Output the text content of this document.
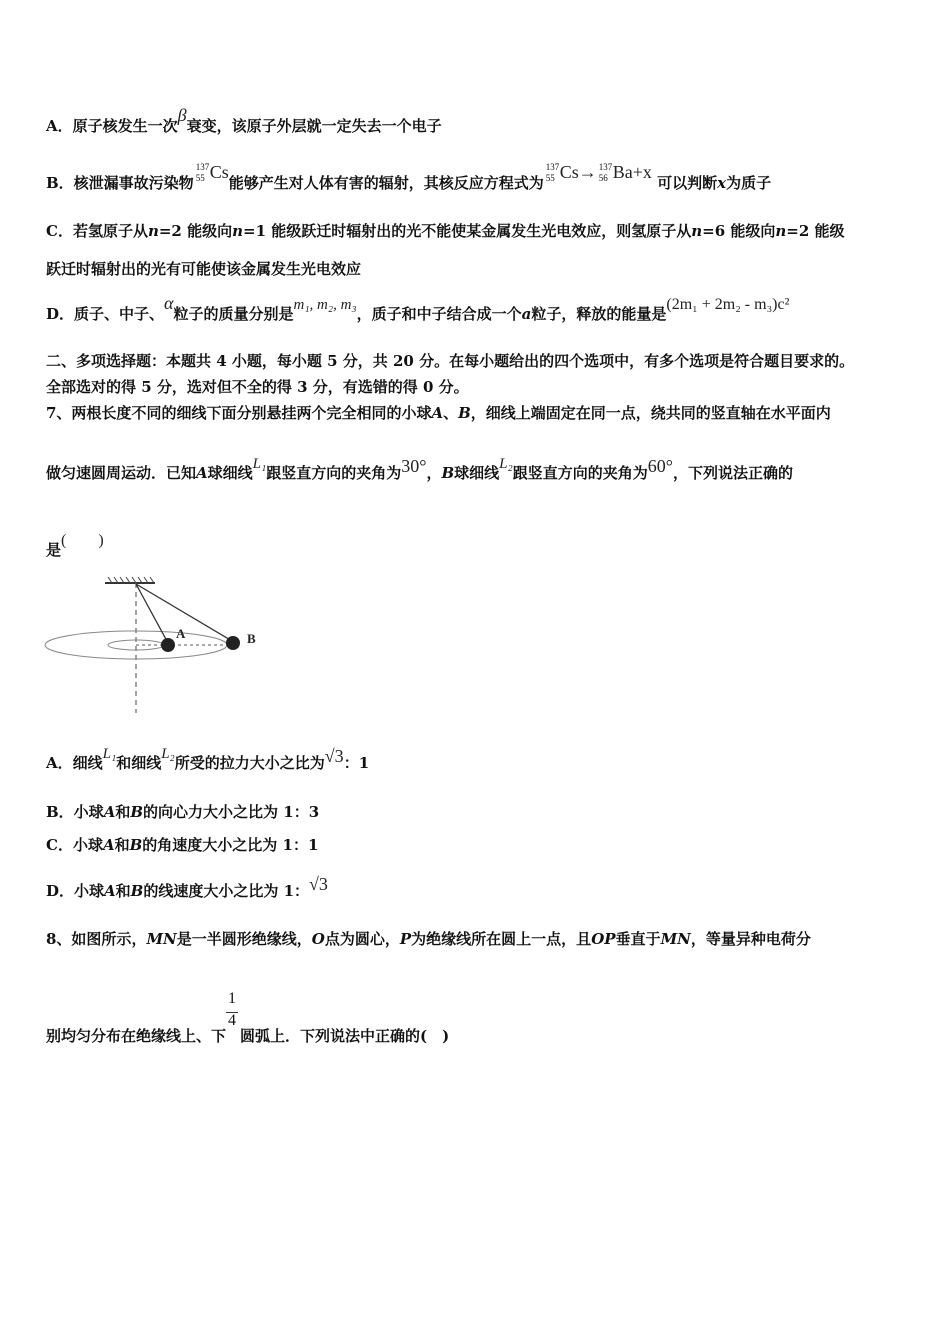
A．原子核发生一次β衰变，该原子外层就一定失去一个电子
B．核泄漏事故污染物
137
55 Cs能够产生对人体有害的辐射，其核反应方程式为
137
55 Cs→ 137
56 Ba+x 可以判断x为质子
C．若氢原子从n=2 能级向n=1 能级跃迁时辐射出的光不能使某金属发生光电效应，则氢原子从n=6 能级向n=2 能级
跃迁时辐射出的光有可能使该金属发生光电效应
D．质子、中子、α粒子的质量分别是m₁, m₂, m₃，质子和中子结合成一个a粒子，释放的能量是(2m₁ + 2m₂ - m₃)c²
二、多项选择题：本题共 4 小题，每小题 5 分，共 20 分。在每小题给出的四个选项中，有多个选项是符合题目要求的。
全部选对的得 5 分，选对但不全的得 3 分，有选错的得 0 分。
7、两根长度不同的细线下面分别悬挂两个完全相同的小球A、B，细线上端固定在同一点，绕共同的竖直轴在水平面内
做匀速圆周运动．已知A球细线L₁跟竖直方向的夹角为30°，B球细线L₂跟竖直方向的夹角为60°，下列说法正确的
是(　　)
A	B
A．细线L₁和细线L₂所受的拉力大小之比为√3：1
B．小球A和B的向心力大小之比为 1：3
C．小球A和B的角速度大小之比为 1：1
D．小球A和B的线速度大小之比为 1：√3
8、如图所示，MN是一半圆形绝缘线，O点为圆心，P为绝缘线所在圆上一点，且OP垂直于MN，等量异种电荷分
别均匀分布在绝缘线上、下
$\frac{1}{4}$
圆弧上．下列说法中正确的(　)
